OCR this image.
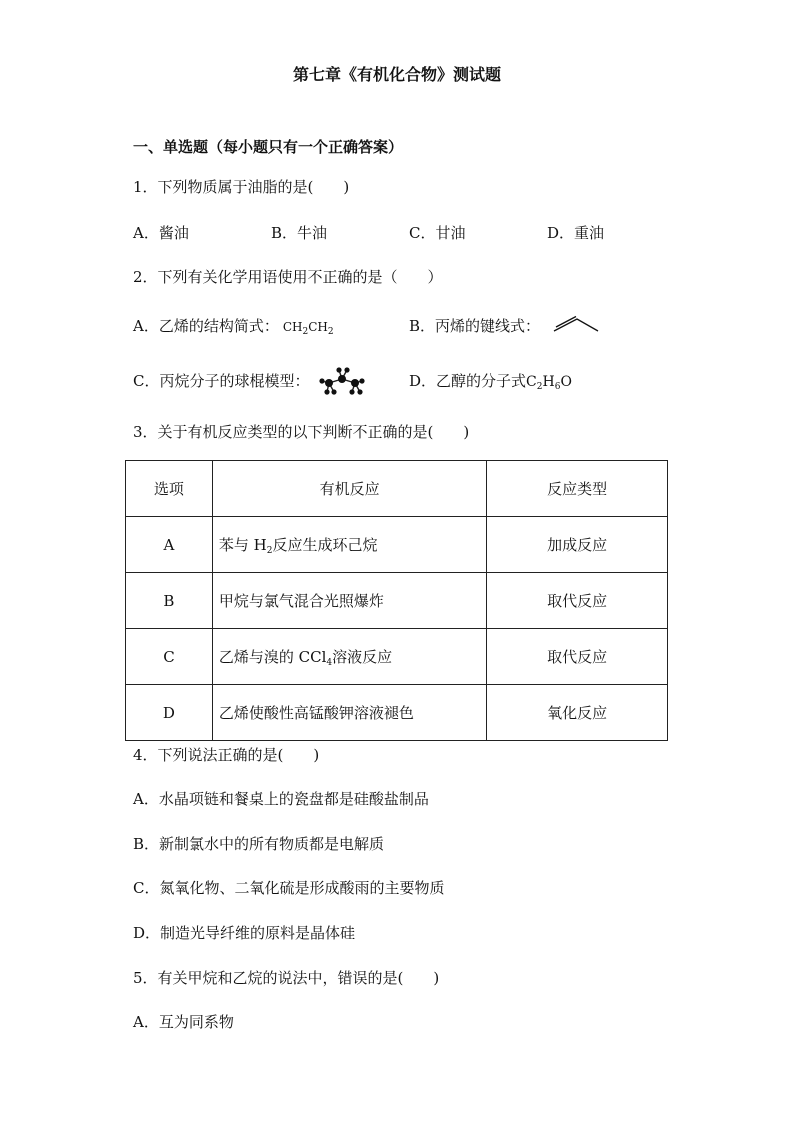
第七章《有机化合物》测试题
一、单选题（每小题只有一个正确答案）
1．下列物质属于油脂的是(　　)
A．酱油	B．牛油	C．甘油	D．重油
2．下列有关化学用语使用不正确的是（　　）
A．乙烯的结构简式： $CH_2CH_2$	B．丙烯的键线式：
C．丙烷分子的球棍模型：	D．乙醇的分子式$C_2H_6O$
3．关于有机反应类型的以下判断不正确的是(　　)
选项	有机反应	反应类型
A	苯与 $H_2$反应生成环己烷	加成反应
B	甲烷与氯气混合光照爆炸	取代反应
C	乙烯与溴的 CCl$_4$溶液反应	取代反应
D	乙烯使酸性高锰酸钾溶液褪色	氧化反应
4．下列说法正确的是(　　)
A．水晶项链和餐桌上的瓷盘都是硅酸盐制品
B．新制氯水中的所有物质都是电解质
C．氮氧化物、二氧化硫是形成酸雨的主要物质
D．制造光导纤维的原料是晶体硅
5．有关甲烷和乙烷的说法中，错误的是(　　)
A．互为同系物
